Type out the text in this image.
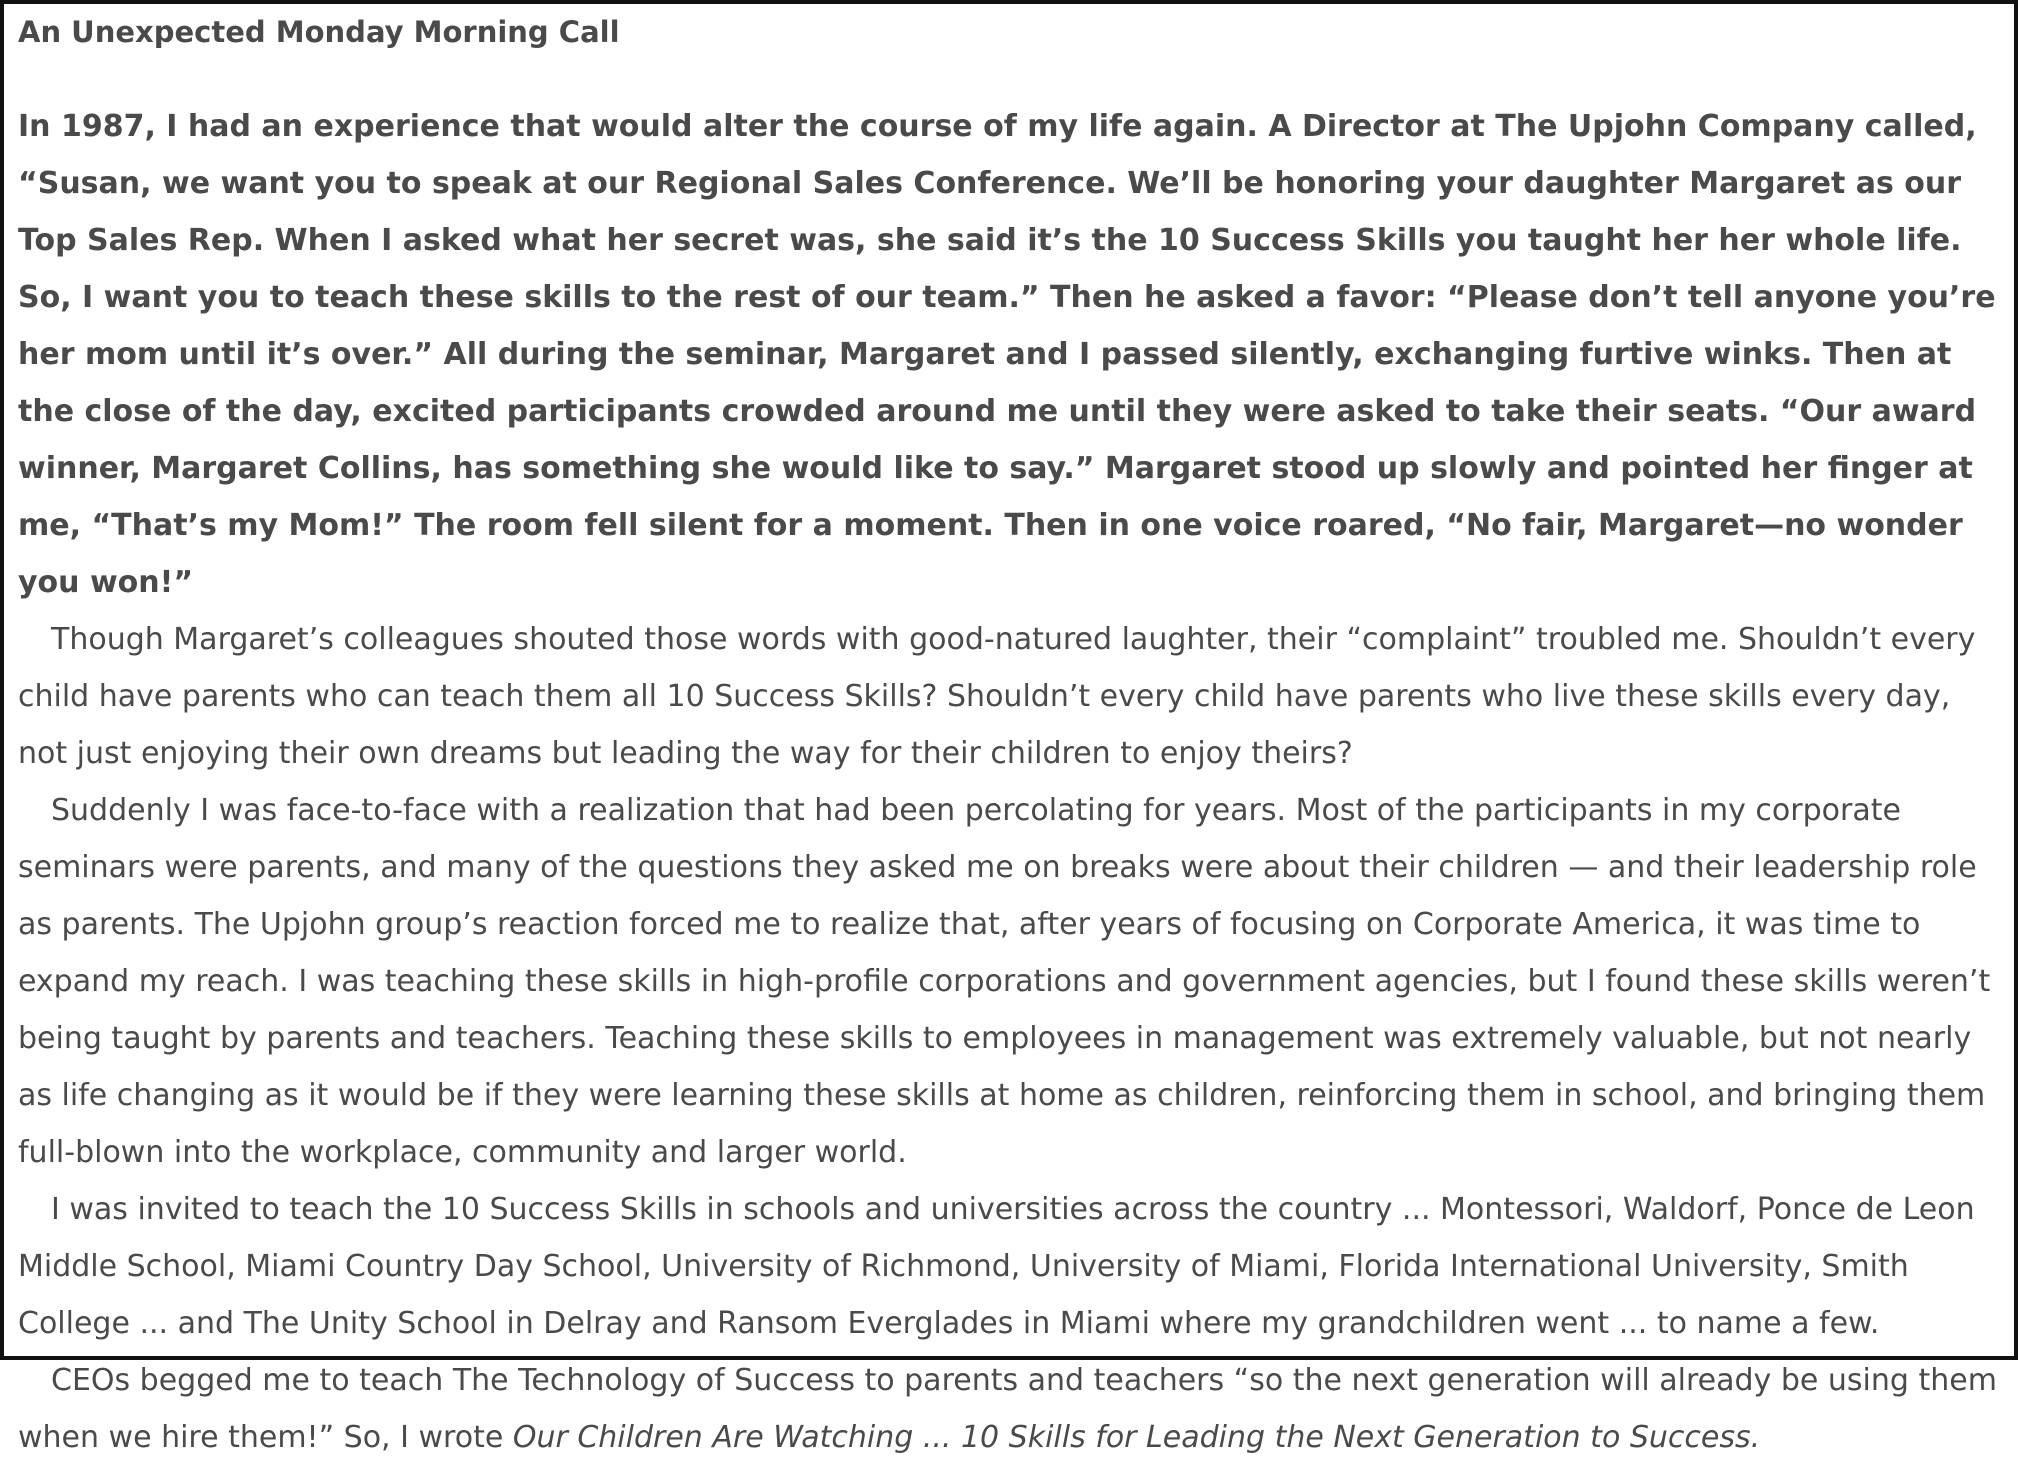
An Unexpected Monday Morning Call

In 1987, I had an experience that would alter the course of my life again. A Director at The Upjohn Company called, “Susan, we want you to speak at our Regional Sales Conference. We’ll be honoring your daughter Margaret as our Top Sales Rep. When I asked what her secret was, she said it’s the 10 Success Skills you taught her her whole life. So, I want you to teach these skills to the rest of our team.” Then he asked a favor: “Please don’t tell anyone you’re her mom until it’s over.” All during the seminar, Margaret and I passed silently, exchanging furtive winks. Then at the close of the day, excited participants crowded around me until they were asked to take their seats. “Our award winner, Margaret Collins, has something she would like to say.” Margaret stood up slowly and pointed her finger at me, “That’s my Mom!” The room fell silent for a moment. Then in one voice roared, “No fair, Margaret—no wonder you won!”

Though Margaret’s colleagues shouted those words with good-natured laughter, their “complaint” troubled me. Shouldn’t every child have parents who can teach them all 10 Success Skills? Shouldn’t every child have parents who live these skills every day, not just enjoying their own dreams but leading the way for their children to enjoy theirs?

Suddenly I was face-to-face with a realization that had been percolating for years. Most of the participants in my corporate seminars were parents, and many of the questions they asked me on breaks were about their children — and their leadership role as parents. The Upjohn group’s reaction forced me to realize that, after years of focusing on Corporate America, it was time to expand my reach. I was teaching these skills in high-profile corporations and government agencies, but I found these skills weren’t being taught by parents and teachers. Teaching these skills to employees in management was extremely valuable, but not nearly as life changing as it would be if they were learning these skills at home as children, reinforcing them in school, and bringing them full-blown into the workplace, community and larger world.

I was invited to teach the 10 Success Skills in schools and universities across the country ... Montessori, Waldorf, Ponce de Leon Middle School, Miami Country Day School, University of Richmond, University of Miami, Florida International University, Smith College ... and The Unity School in Delray and Ransom Everglades in Miami where my grandchildren went ... to name a few.

CEOs begged me to teach The Technology of Success to parents and teachers “so the next generation will already be using them when we hire them!” So, I wrote Our Children Are Watching ... 10 Skills for Leading the Next Generation to Success.
